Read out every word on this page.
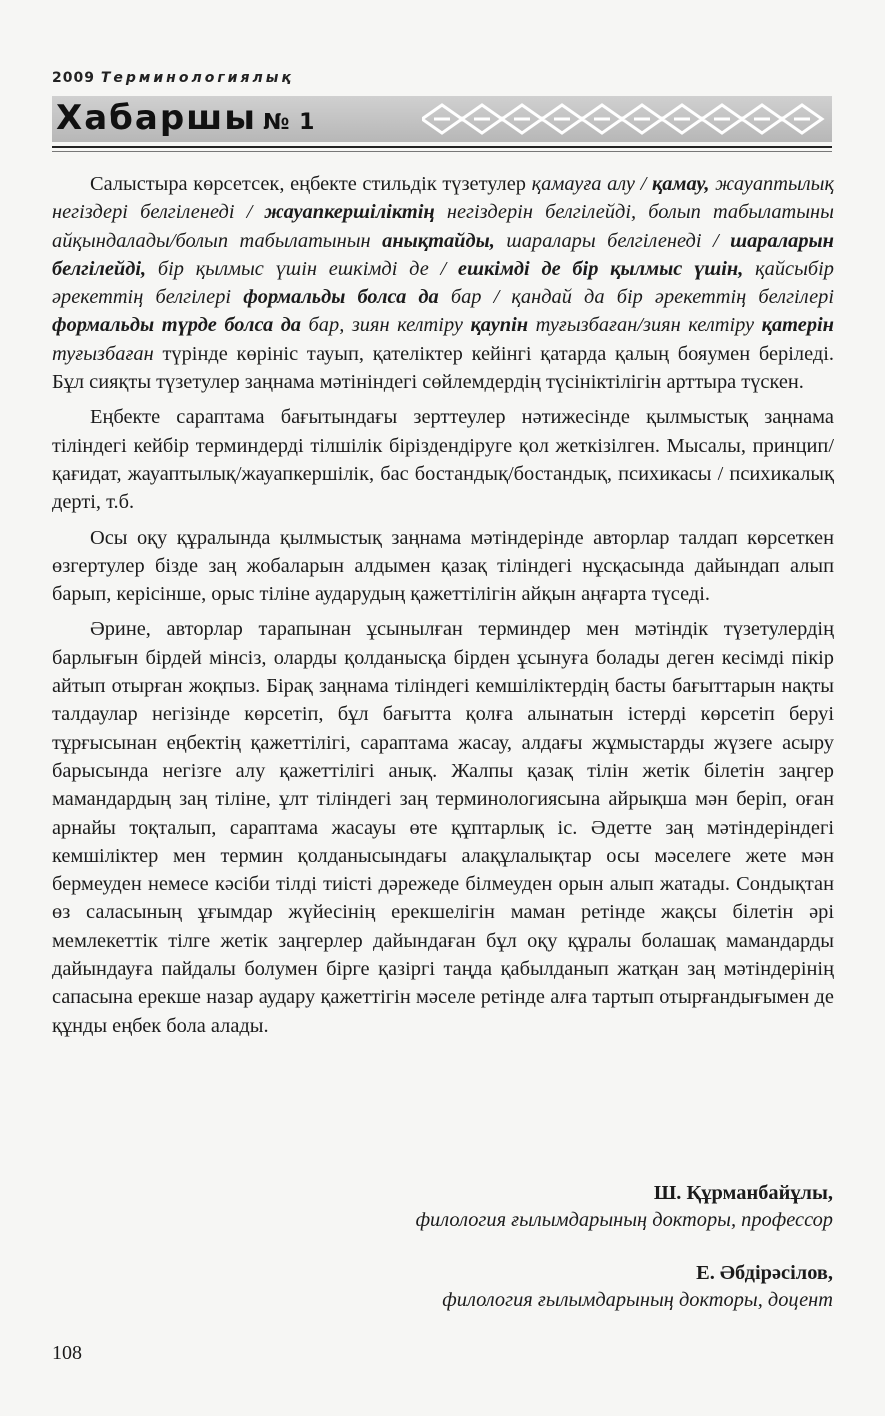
2009 Терминологиялық
Хабаршы № 1

Салыстыра көрсетсек, еңбекте стильдік түзетулер қамауға алу / қамау, жауаптылық негіздері белгіленеді / жауапкершіліктің негіздерін белгілейді, болып табылатыны айқындалады/болып табылатынын анықтайды, шаралары белгіленеді / шараларын белгілейді, бір қылмыс үшін ешкімді де / ешкімді де бір қылмыс үшін, қайсыбір әрекеттің белгілері формальды болса да бар / қандай да бір әрекеттің белгілері формальды түрде болса да бар, зиян келтіру қаупін туғызбаған/зиян келтіру қатерін туғызбаған түрінде көрініс тауып, қателіктер кейінгі қатарда қалың бояумен беріледі. Бұл сияқты түзетулер заңнама мәтініндегі сөйлемдердің түсініктілігін арттыра түскен.

Еңбекте сараптама бағытындағы зерттеулер нәтижесінде қылмыстық заңнама тіліндегі кейбір терминдерді тілшілік біріздендіруге қол жеткізілген. Мысалы, принцип/қағидат, жауаптылық/жауапкершілік, бас бостандық/бостандық, психикасы / психикалық дерті, т.б.

Осы оқу құралында қылмыстық заңнама мәтіндерінде авторлар талдап көрсеткен өзгертулер бізде заң жобаларын алдымен қазақ тіліндегі нұсқасында дайындап алып барып, керісінше, орыс тіліне аударудың қажеттілігін айқын аңғарта түседі.

Әрине, авторлар тарапынан ұсынылған терминдер мен мәтіндік түзетулердің барлығын бірдей мінсіз, оларды қолданысқа бірден ұсынуға болады деген кесімді пікір айтып отырған жоқпыз. Бірақ заңнама тіліндегі кемшіліктердің басты бағыттарын нақты талдаулар негізінде көрсетіп, бұл бағытта қолға алынатын істерді көрсетіп беруі тұрғысынан еңбектің қажеттілігі, сараптама жасау, алдағы жұмыстарды жүзеге асыру барысында негізге алу қажеттілігі анық. Жалпы қазақ тілін жетік білетін заңгер мамандардың заң тіліне, ұлт тіліндегі заң терминологиясына айрықша мән беріп, оған арнайы тоқталып, сараптама жасауы өте құптарлық іс. Әдетте заң мәтіндеріндегі кемшіліктер мен термин қолданысындағы алақұлалықтар осы мәселеге жете мән бермеуден немесе кәсіби тілді тиісті дәрежеде білмеуден орын алып жатады. Сондықтан өз саласының ұғымдар жүйесінің ерекшелігін маман ретінде жақсы білетін әрі мемлекеттік тілге жетік заңгерлер дайындаған бұл оқу құралы болашақ мамандарды дайындауға пайдалы болумен бірге қазіргі таңда қабылданып жатқан заң мәтіндерінің сапасына ерекше назар аудару қажеттігін мәселе ретінде алға тартып отырғандығымен де құнды еңбек бола алады.

Ш. Құрманбайұлы,
филология ғылымдарының докторы, профессор
Е. Әбдірәсілов,
филология ғылымдарының докторы, доцент
108
